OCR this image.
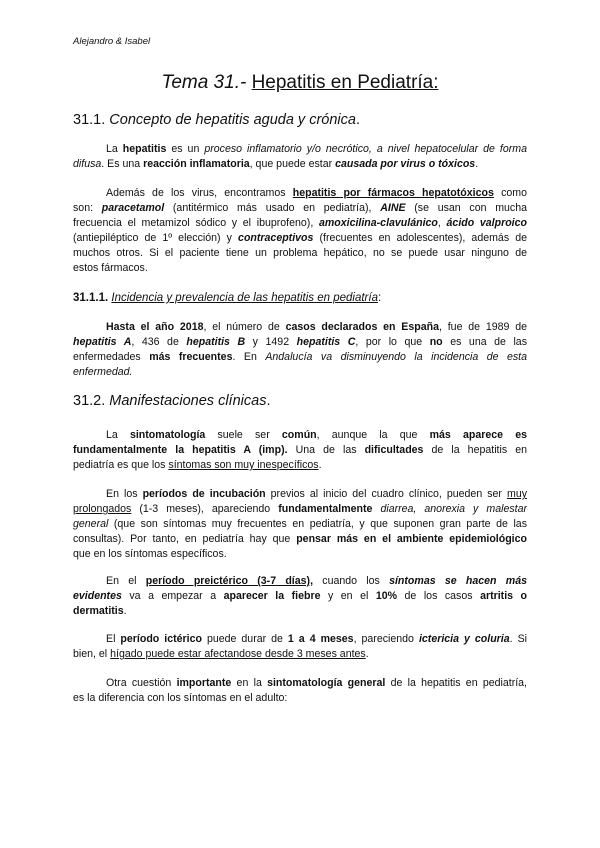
Alejandro & Isabel
Tema 31.- Hepatitis en Pediatría:
31.1. Concepto de hepatitis aguda y crónica.
La hepatitis es un proceso inflamatorio y/o necrótico, a nivel hepatocelular de forma
difusa. Es una reacción inflamatoria, que puede estar causada por virus o tóxicos.
Además de los virus, encontramos hepatitis por fármacos hepatotóxicos como
son: paracetamol (antitérmico más usado en pediatría), AINE (se usan con mucha
frecuencia el metamizol sódico y el ibuprofeno), amoxicilina-clavulánico, ácido valproico
(antiepiléptico de 1º elección) y contraceptivos (frecuentes en adolescentes), además de
muchos otros. Si el paciente tiene un problema hepático, no se puede usar ninguno de
estos fármacos.
31.1.1. Incidencia y prevalencia de las hepatitis en pediatría:
Hasta el año 2018, el número de casos declarados en España, fue de 1989 de
hepatitis A, 436 de hepatitis B y 1492 hepatitis C, por lo que no es una de las
enfermedades más frecuentes. En Andalucía va disminuyendo la incidencia de esta
enfermedad.
31.2. Manifestaciones clínicas.
La sintomatología suele ser común, aunque la que más aparece es
fundamentalmente la hepatitis A (imp). Una de las dificultades de la hepatitis en
pediatría es que los síntomas son muy inespecíficos.
En los períodos de incubación previos al inicio del cuadro clínico, pueden ser muy
prolongados (1-3 meses), apareciendo fundamentalmente diarrea, anorexia y malestar
general (que son síntomas muy frecuentes en pediatría, y que suponen gran parte de las
consultas). Por tanto, en pediatría hay que pensar más en el ambiente epidemiológico
que en los síntomas específicos.
En el período preictérico (3-7 días), cuando los síntomas se hacen más
evidentes va a empezar a aparecer la fiebre y en el 10% de los casos artritis o
dermatitis.
El período ictérico puede durar de 1 a 4 meses, pareciendo ictericia y coluria. Si
bien, el hígado puede estar afectandose desde 3 meses antes.
Otra cuestión importante en la sintomatología general de la hepatitis en pediatría,
es la diferencia con los síntomas en el adulto:
